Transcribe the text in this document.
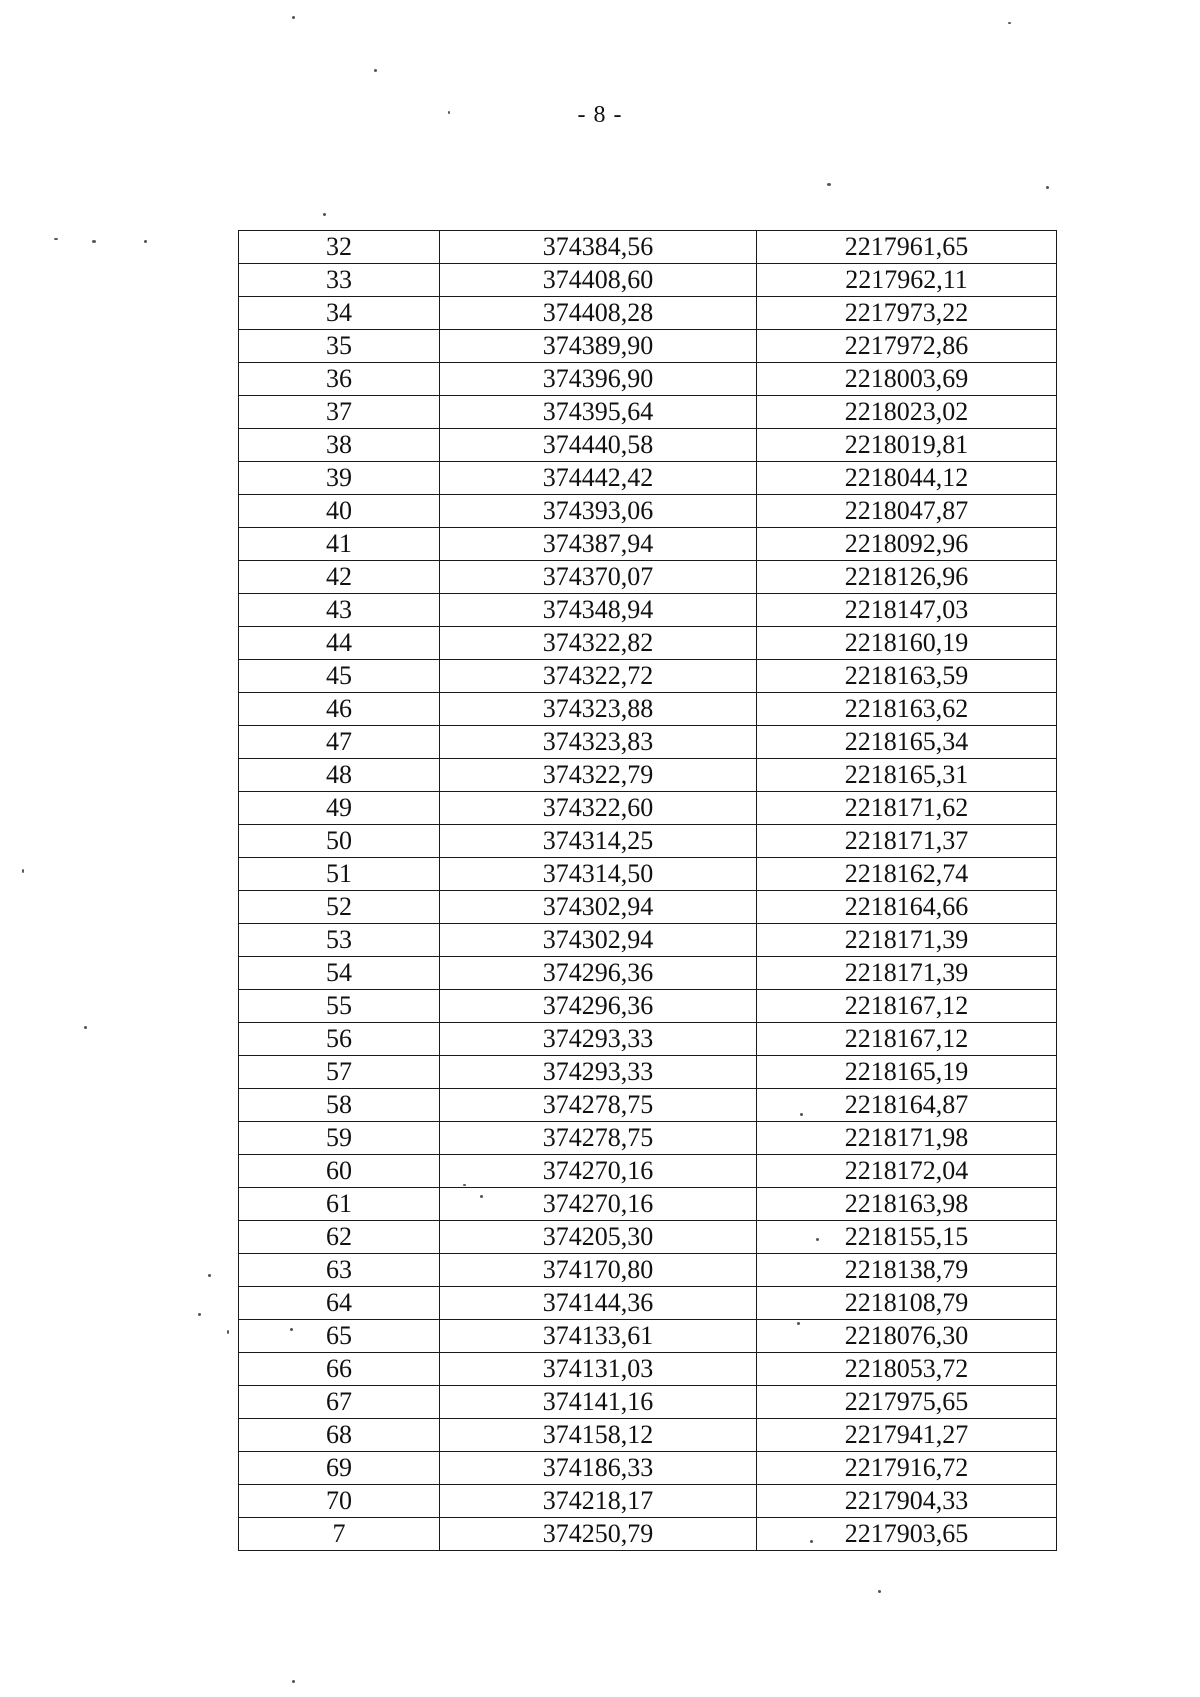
- 8 -
32	374384,56	2217961,65
33	374408,60	2217962,11
34	374408,28	2217973,22
35	374389,90	2217972,86
36	374396,90	2218003,69
37	374395,64	2218023,02
38	374440,58	2218019,81
39	374442,42	2218044,12
40	374393,06	2218047,87
41	374387,94	2218092,96
42	374370,07	2218126,96
43	374348,94	2218147,03
44	374322,82	2218160,19
45	374322,72	2218163,59
46	374323,88	2218163,62
47	374323,83	2218165,34
48	374322,79	2218165,31
49	374322,60	2218171,62
50	374314,25	2218171,37
51	374314,50	2218162,74
52	374302,94	2218164,66
53	374302,94	2218171,39
54	374296,36	2218171,39
55	374296,36	2218167,12
56	374293,33	2218167,12
57	374293,33	2218165,19
58	374278,75	2218164,87
59	374278,75	2218171,98
60	374270,16	2218172,04
61	374270,16	2218163,98
62	374205,30	2218155,15
63	374170,80	2218138,79
64	374144,36	2218108,79
65	374133,61	2218076,30
66	374131,03	2218053,72
67	374141,16	2217975,65
68	374158,12	2217941,27
69	374186,33	2217916,72
70	374218,17	2217904,33
7	374250,79	2217903,65
